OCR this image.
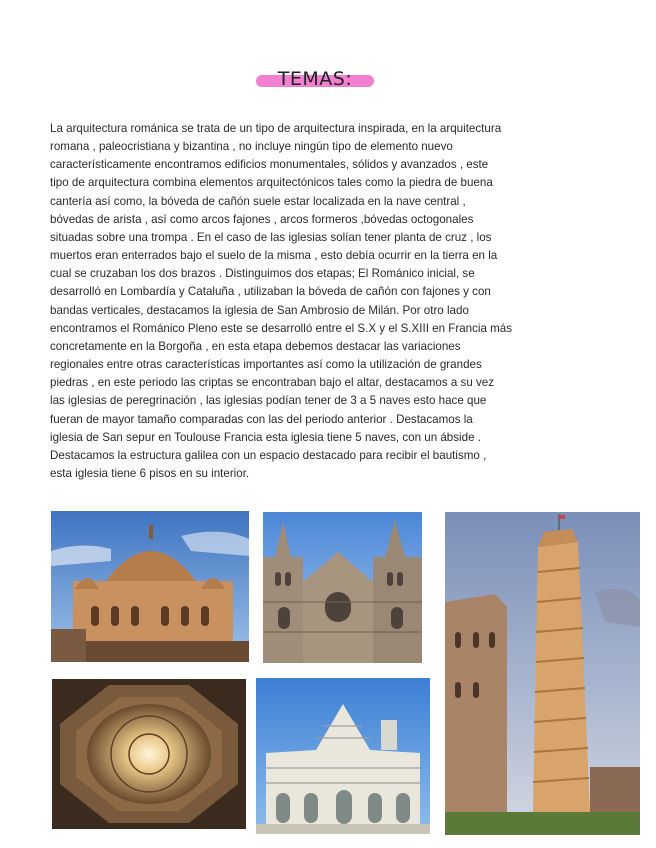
TEMAS:
La arquitectura románica se trata de un tipo de arquitectura inspirada, en la arquitectura
romana , paleocristiana y bizantina , no incluye ningún tipo de elemento nuevo
característicamente encontramos edificios monumentales, sólidos y avanzados , este
tipo de arquitectura combina elementos arquitectónicos tales como la piedra de buena
cantería así como, la bóveda de cañón suele estar localizada en la nave central ,
bóvedas de arista , así como arcos fajones , arcos formeros ,bóvedas octogonales
situadas sobre una trompa . En el caso de las iglesias solían tener planta de cruz , los
muertos eran enterrados bajo el suelo de la misma , esto debía ocurrir en la tierra en la
cual se cruzaban los dos brazos . Distinguimos dos etapas; El Románico inicial, se
desarrolló en Lombardía y Cataluña , utilizaban la bóveda de cañón con fajones y con
bandas verticales, destacamos la iglesia de San Ambrosio de Milán. Por otro lado
encontramos el Románico Pleno este se desarrolló entre el S.X y el S.XIII en Francia más
concretamente en la Borgoña , en esta etapa debemos destacar las variaciones
regionales entre otras características importantes así como la utilización de grandes
piedras , en este periodo las criptas se encontraban bajo el altar, destacamos a su vez
las iglesias de peregrinación , las iglesias podían tener de 3 a 5 naves esto hace que
fueran de mayor tamaño comparadas con las del periodo anterior . Destacamos la
iglesia de San sepur en Toulouse Francia esta iglesia tiene 5 naves, con un ábside .
Destacamos la estructura galilea con un espacio destacado para recibir el bautismo ,
esta iglesia tiene 6 pisos en su interior.
